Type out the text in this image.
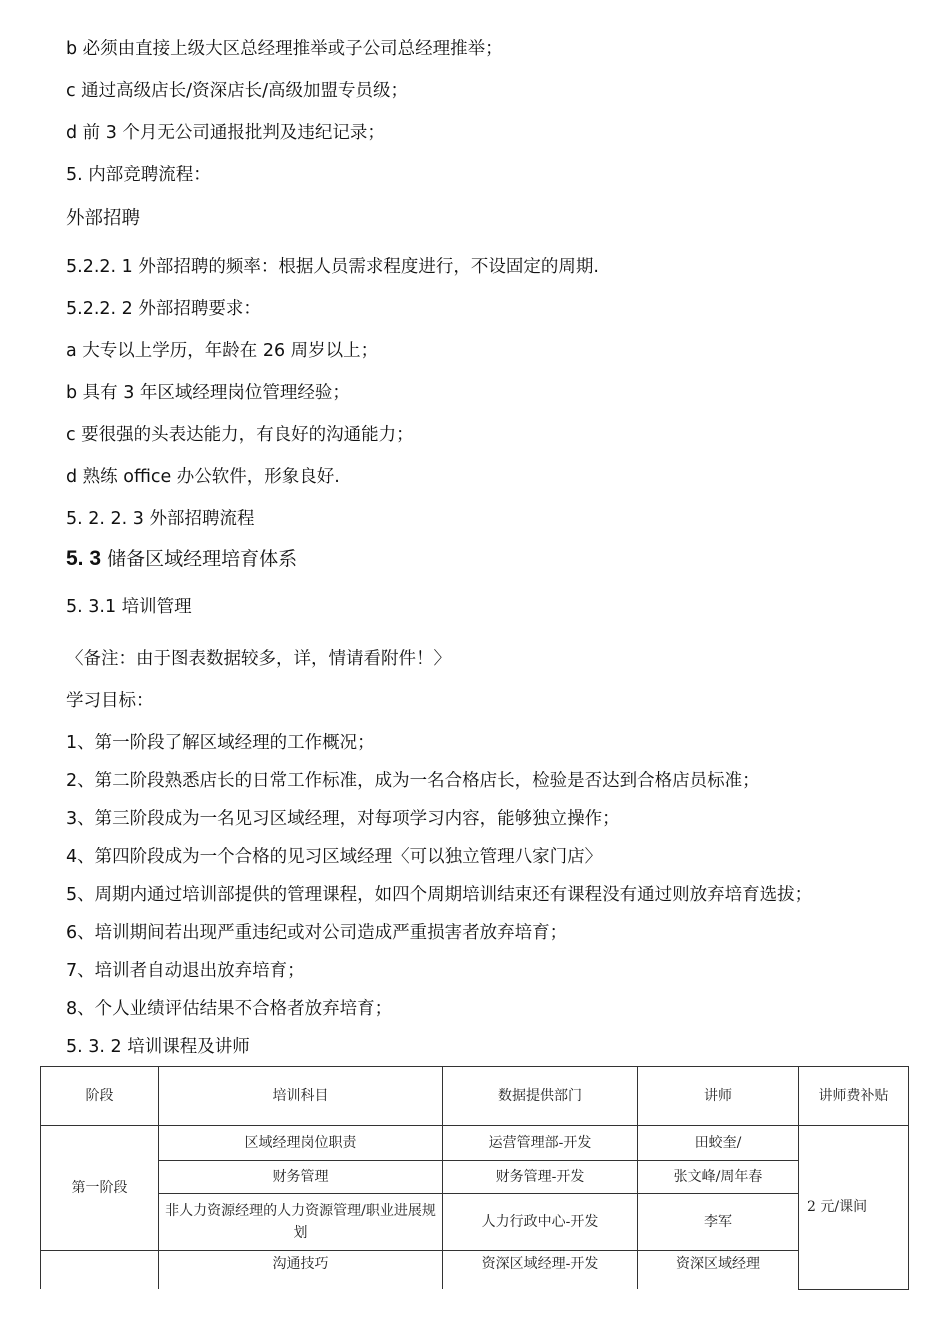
b 必须由直接上级大区总经理推举或子公司总经理推举；
c 通过高级店长/资深店长/高级加盟专员级；
d 前 3 个月无公司通报批判及违纪记录；
5. 内部竞聘流程：
外部招聘
5.2.2. 1 外部招聘的频率：根据人员需求程度进行，不设固定的周期.
5.2.2. 2 外部招聘要求：
a 大专以上学历，年龄在 26 周岁以上；
b 具有 3 年区域经理岗位管理经验；
c 要很强的头表达能力，有良好的沟通能力；
d 熟练 office 办公软件，形象良好.
5. 2. 2. 3 外部招聘流程
5. 3 储备区域经理培育体系
5. 3.1 培训管理
〈备注：由于图表数据较多，详，情请看附件！〉
学习目标：
1、第一阶段了解区域经理的工作概况；
2、第二阶段熟悉店长的日常工作标准，成为一名合格店长，检验是否达到合格店员标准；
3、第三阶段成为一名见习区域经理，对每项学习内容，能够独立操作；
4、第四阶段成为一个合格的见习区域经理〈可以独立管理八家门店〉
5、周期内通过培训部提供的管理课程，如四个周期培训结束还有课程没有通过则放弃培育选拔；
6、培训期间若出现严重违纪或对公司造成严重损害者放弃培育；
7、培训者自动退出放弃培育；
8、个人业绩评估结果不合格者放弃培育；
5. 3. 2 培训课程及讲师
阶段	培训科目	数据提供部门	讲师	讲师费补贴
第一阶段	区域经理岗位职责	运营管理部-开发	田蛟奎/	2 元/课间
	财务管理	财务管理-开发	张文峰/周年春	
	非人力资源经理的人力资源管理/职业进展规划	人力行政中心-开发	李军	
	沟通技巧	资深区域经理-开发	资深区域经理	
